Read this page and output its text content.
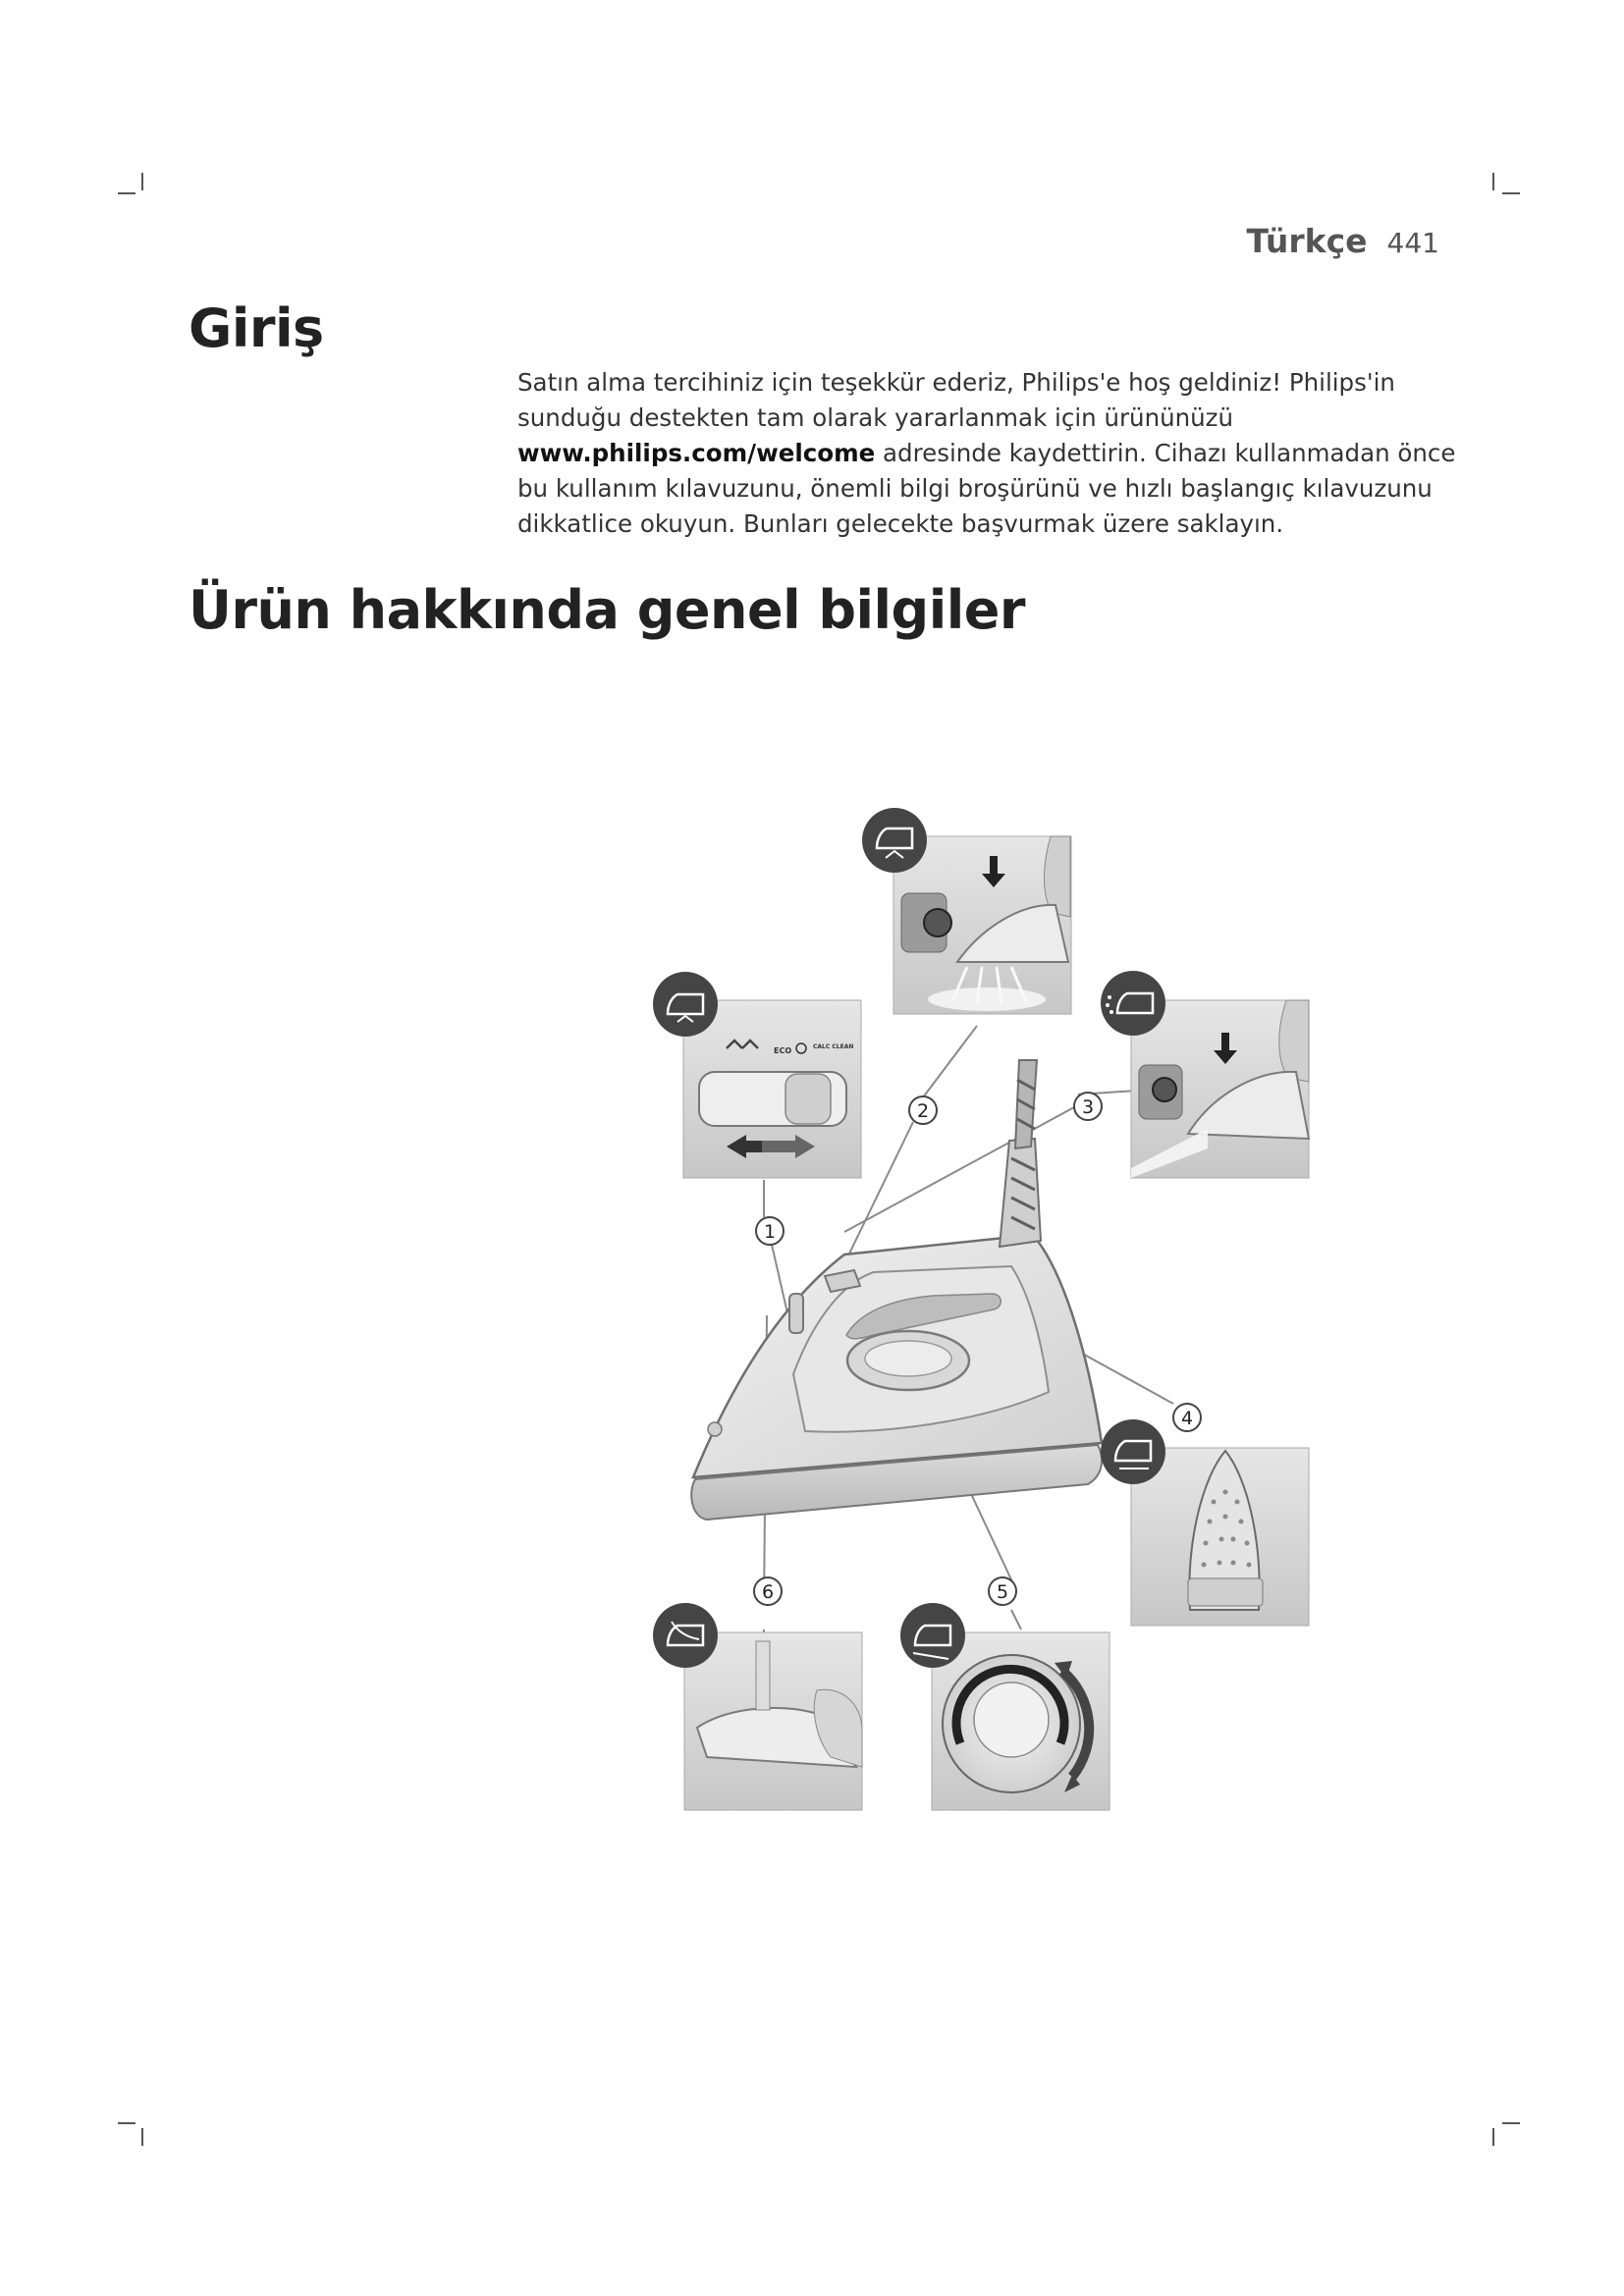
Türkçe 441
Giriş

Satın alma tercihiniz için teşekkür ederiz, Philips'e hoş geldiniz! Philips'in sunduğu destekten tam olarak yararlanmak için ürününüzü www.philips.com/welcome adresinde kaydettirin. Cihazı kullanmadan önce bu kullanım kılavuzunu, önemli bilgi broşürünü ve hızlı başlangıç kılavuzunu dikkatlice okuyun. Bunları gelecekte başvurmak üzere saklayın.

Ürün hakkında genel bilgiler
ECO	CALC CLEAN
1
2	3
4
5
6
